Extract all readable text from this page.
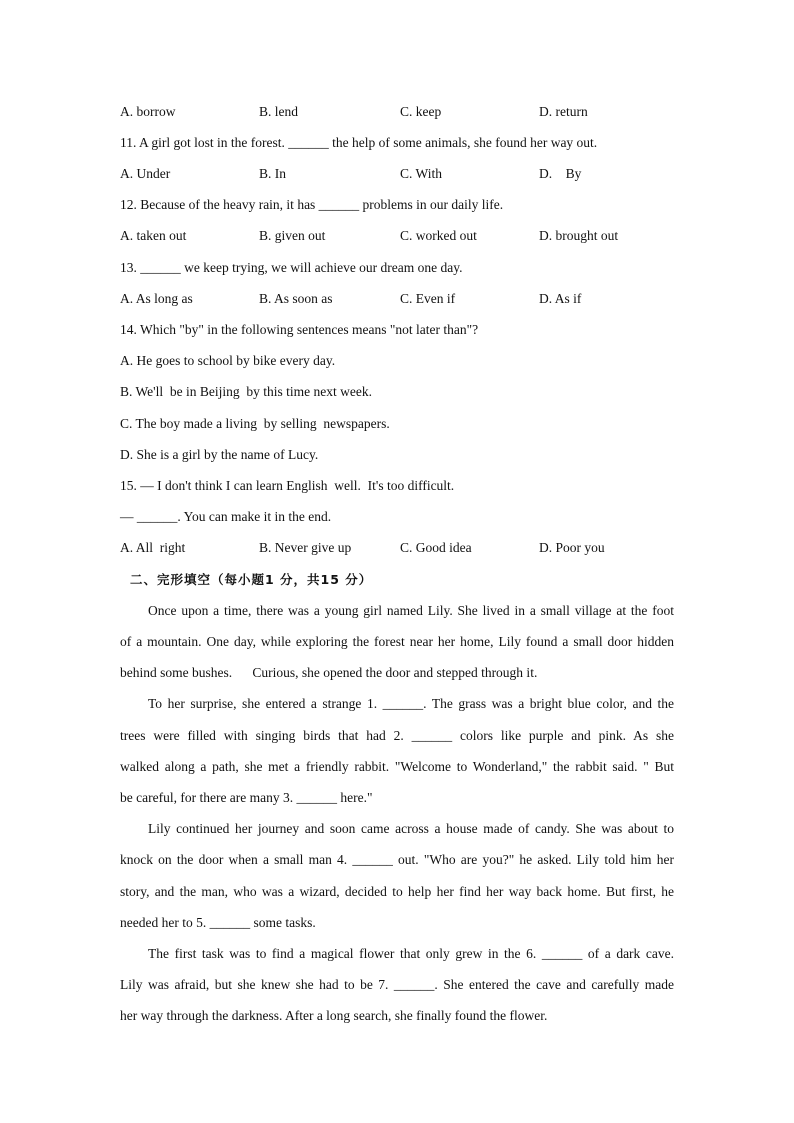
A. borrow	B. lend	C. keep	D. return
11. A girl got lost in the forest. ______ the help of some animals, she found her way out.
A. Under	B. In	C. With	D.    By
12. Because of the heavy rain, it has ______ problems in our daily life.
A. taken out	B. given out	C. worked out	D. brought out
13. ______ we keep trying, we will achieve our dream one day.
A. As long as	B. As soon as	C. Even if	D. As if
14. Which "by" in the following sentences means "not later than"?
A. He goes to school by bike every day.
B. We'll  be in Beijing  by this time next week.
C. The boy made a living  by selling  newspapers.
D. She is a girl by the name of Lucy.
15. — I don't think I can learn English  well.  It's too difficult.
— ______. You can make it in the end.
A. All  right	B. Never give up	C. Good idea	D. Poor you
二、完形填空（每小题1 分，共15 分）
Once upon a time, there was a young girl named Lily. She lived in a small village at the foot
of a mountain. One day, while exploring the forest near her home, Lily found a small door hidden
behind some bushes.      Curious, she opened the door and stepped through it.
To her surprise, she entered a strange 1. ______. The grass was a bright blue color, and the
trees were filled with singing birds that had 2. ______ colors like purple and pink. As she
walked along a path, she met a friendly rabbit. "Welcome to Wonderland," the rabbit said. " But
be careful, for there are many 3. ______ here."
Lily continued her journey and soon came across a house made of candy. She was about to
knock on the door when a small man 4. ______ out. "Who are you?" he asked. Lily told him her
story, and the man, who was a wizard, decided to help her find her way back home. But first, he
needed her to 5. ______ some tasks.
The first task was to find a magical flower that only grew in the 6. ______ of a dark cave.
Lily was afraid, but she knew she had to be 7. ______. She entered the cave and carefully made
her way through the darkness. After a long search, she finally found the flower.
